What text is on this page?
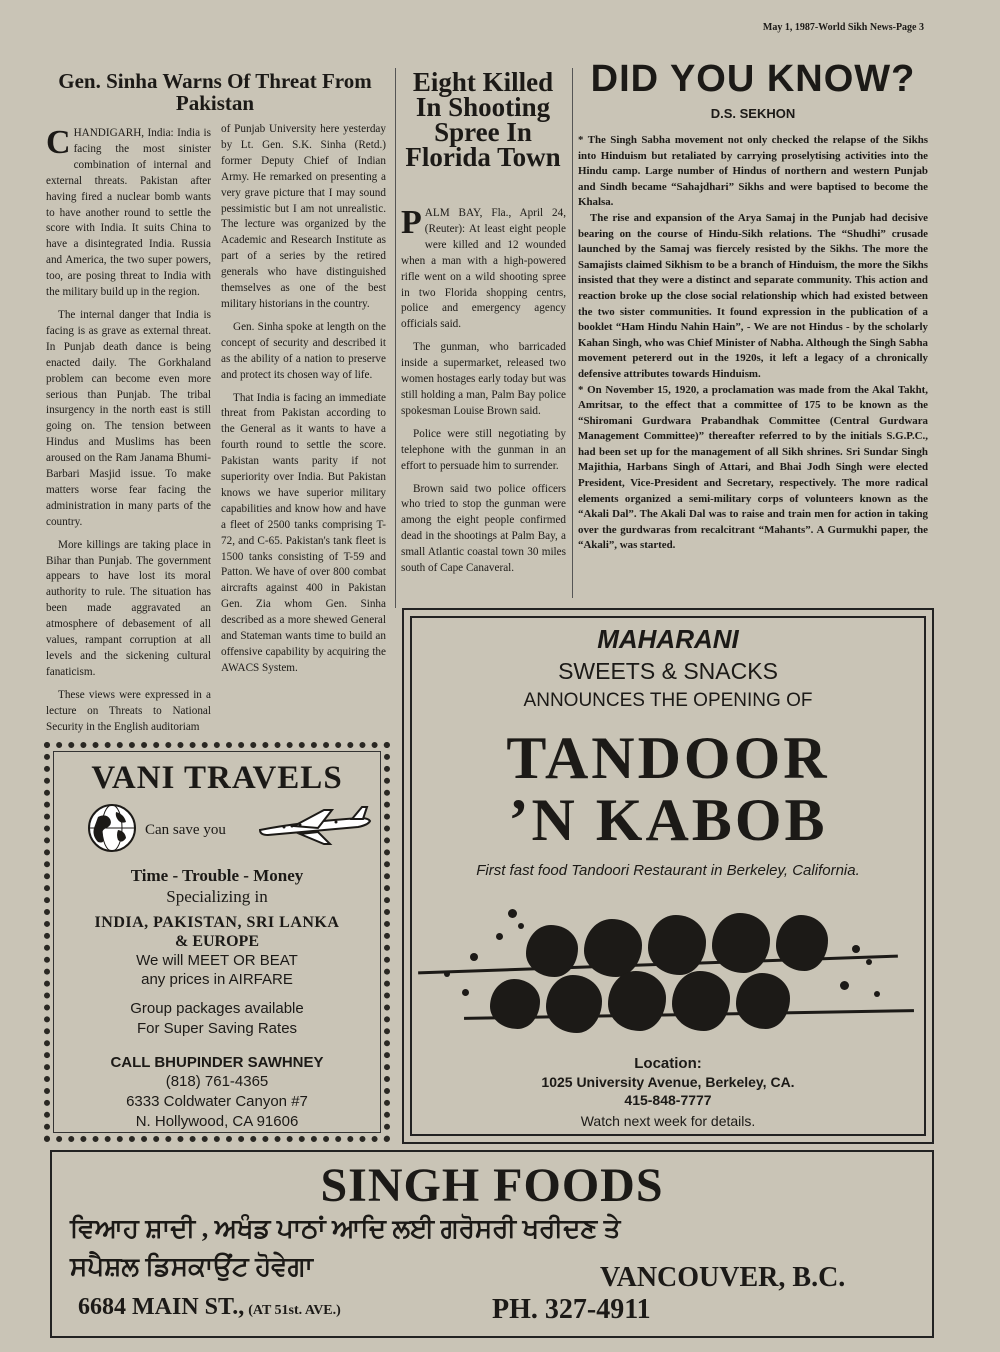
May 1, 1987-World Sikh News-Page 3
Gen. Sinha Warns Of Threat From Pakistan

CHANDIGARH, India: India is facing the most sinister combination of internal and external threats. Pakistan after having fired a nuclear bomb wants to have another round to settle the score with India. It suits China to have a disintegrated India. Russia and America, the two super powers, too, are posing threat to India with the military build up in the region.

The internal danger that India is facing is as grave as external threat. In Punjab death dance is being enacted daily. The Gorkhaland problem can become even more serious than Punjab. The tribal insurgency in the north east is still going on. The tension between Hindus and Muslims has been aroused on the Ram Janama Bhumi-Barbari Masjid issue. To make matters worse fear facing the administration in many parts of the country.

More killings are taking place in Bihar than Punjab. The government appears to have lost its moral authority to rule. The situation has been made aggravated an atmosphere of debasement of all values, rampant corruption at all levels and the sickening cultural fanaticism.

These views were expressed in a lecture on Threats to National Security in the English auditoriam

of Punjab University here yesterday by Lt. Gen. S.K. Sinha (Retd.) former Deputy Chief of Indian Army. He remarked on presenting a very grave picture that I may sound pessimistic but I am not unrealistic. The lecture was organized by the Academic and Research Institute as part of a series by the retired generals who have distinguished themselves as one of the best military historians in the country.

Gen. Sinha spoke at length on the concept of security and described it as the ability of a nation to preserve and protect its chosen way of life.

That India is facing an immediate threat from Pakistan according to the General as it wants to have a fourth round to settle the score. Pakistan wants parity if not superiority over India. But Pakistan knows we have superior military capabilities and know how and have a fleet of 2500 tanks comprising T-72, and C-65. Pakistan's tank fleet is 1500 tanks consisting of T-59 and Patton. We have of over 800 combat aircrafts against 400 in Pakistan Gen. Zia whom Gen. Sinha described as a more shewed General and Stateman wants time to build an offensive capability by acquiring the AWACS System.

Eight Killed In Shooting Spree In Florida Town

PALM BAY, Fla., April 24, (Reuter): At least eight people were killed and 12 wounded when a man with a high-powered rifle went on a wild shooting spree in two Florida shopping centrs, police and emergency agency officials said.

The gunman, who barricaded inside a supermarket, released two women hostages early today but was still holding a man, Palm Bay police spokesman Louise Brown said.

Police were still negotiating by telephone with the gunman in an effort to persuade him to surrender.

Brown said two police officers who tried to stop the gunman were among the eight people confirmed dead in the shootings at Palm Bay, a small Atlantic coastal town 30 miles south of Cape Canaveral.

DID YOU KNOW?
D.S. SEKHON

* The Singh Sabha movement not only checked the relapse of the Sikhs into Hinduism but retaliated by carrying proselytising activities into the Hindu camp. Large number of Hindus of northern and western Punjab and Sindh became “Sahajdhari” Sikhs and were baptised to become the Khalsa.

The rise and expansion of the Arya Samaj in the Punjab had decisive bearing on the course of Hindu-Sikh relations. The “Shudhi” crusade launched by the Samaj was fiercely resisted by the Sikhs. The more the Samajists claimed Sikhism to be a branch of Hinduism, the more the Sikhs insisted that they were a distinct and separate community. This action and reaction broke up the close social relationship which had existed between the two sister communities. It found expression in the publication of a booklet “Ham Hindu Nahin Hain”, - We are not Hindus - by the scholarly Kahan Singh, who was Chief Minister of Nabha. Although the Singh Sabha movement petererd out in the 1920s, it left a legacy of a chronically defensive attributes towards Hinduism.

* On November 15, 1920, a proclamation was made from the Akal Takht, Amritsar, to the effect that a committee of 175 to be known as the “Shiromani Gurdwara Prabandhak Committee (Central Gurdwara Management Committee)” thereafter referred to by the initials S.G.P.C., had been set up for the management of all Sikh shrines. Sri Sundar Singh Majithia, Harbans Singh of Attari, and Bhai Jodh Singh were elected President, Vice-President and Secretary, respectively. The more radical elements organized a semi-military corps of volunteers known as the “Akali Dal”. The Akali Dal was to raise and train men for action in taking over the gurdwaras from recalcitrant “Mahants”. A Gurmukhi paper, the “Akali”, was started.

VANI TRAVELS
Can save you
Time - Trouble - Money
Specializing in
INDIA, PAKISTAN, SRI LANKA
& EUROPE
We will MEET OR BEAT
any prices in AIRFARE
Group packages available
For Super Saving Rates
CALL BHUPINDER SAWHNEY
(818) 761-4365
6333 Coldwater Canyon #7
N. Hollywood, CA 91606
MAHARANI
SWEETS & SNACKS
ANNOUNCES THE OPENING OF
TANDOOR
’N KABOB
First fast food Tandoori Restaurant in Berkeley, California.
Location:
1025 University Avenue, Berkeley, CA.
415-848-7777
Watch next week for details.
SINGH FOODS
ਵਿਆਹ ਸ਼ਾਦੀ , ਅਖੰਡ ਪਾਠਾਂ ਆਦਿ ਲਈ ਗਰੋਸਰੀ ਖਰੀਦਣ ਤੇ
ਸਪੈਸ਼ਲ ਡਿਸਕਾਉਂਟ ਹੋਵੇਗਾ	VANCOUVER, B.C.
6684 MAIN ST., (AT 51st. AVE.)	PH. 327-4911
